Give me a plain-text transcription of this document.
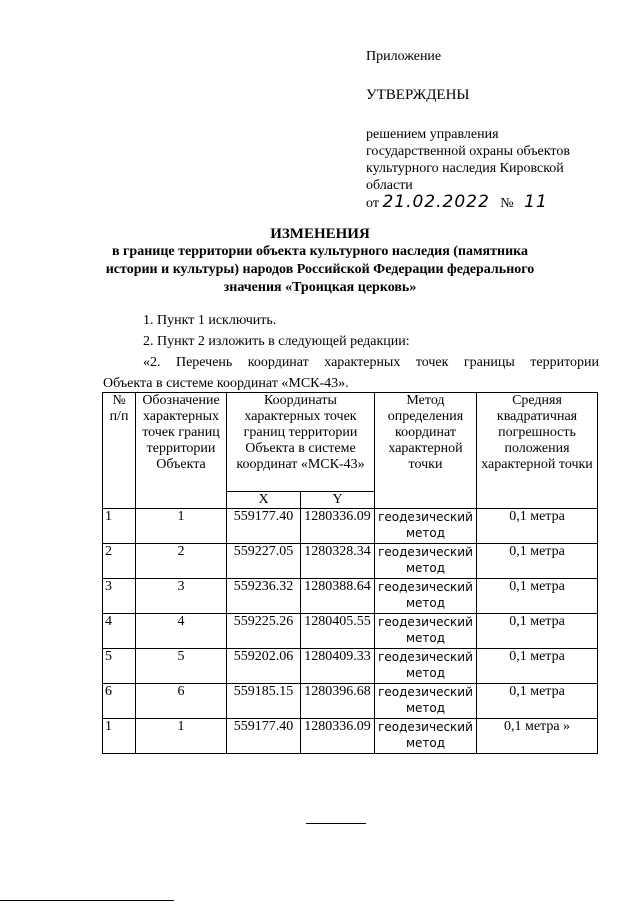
Приложение

УТВЕРЖДЕНЫ

решением управления

государственной охраны объектов

культурного наследия Кировской

области

от 21.02.2022 № 11

ИЗМЕНЕНИЯ
в границе территории объекта культурного наследия (памятника
истории и культуры) народов Российской Федерации федерального
значения «Троицкая церковь»

1. Пункт 1 исключить.

2. Пункт 2 изложить в следующей редакции:

«2. Перечень координат характерных точек границы территории

Объекта в системе координат «МСК-43».

№ п/п	Обозначение характерных точек границ территории Объекта	Координаты характерных точек границ территории Объекта в системе координат «МСК-43»		Метод определения координат характерной точки	Средняя квадратичная погрешность положения характерной точки
		X	Y		
1	1	559177.40	1280336.09	геодезический метод	0,1 метра
2	2	559227.05	1280328.34	геодезический метод	0,1 метра
3	3	559236.32	1280388.64	геодезический метод	0,1 метра
4	4	559225.26	1280405.55	геодезический метод	0,1 метра
5	5	559202.06	1280409.33	геодезический метод	0,1 метра
6	6	559185.15	1280396.68	геодезический метод	0,1 метра
1	1	559177.40	1280336.09	геодезический метод	0,1 метра »
